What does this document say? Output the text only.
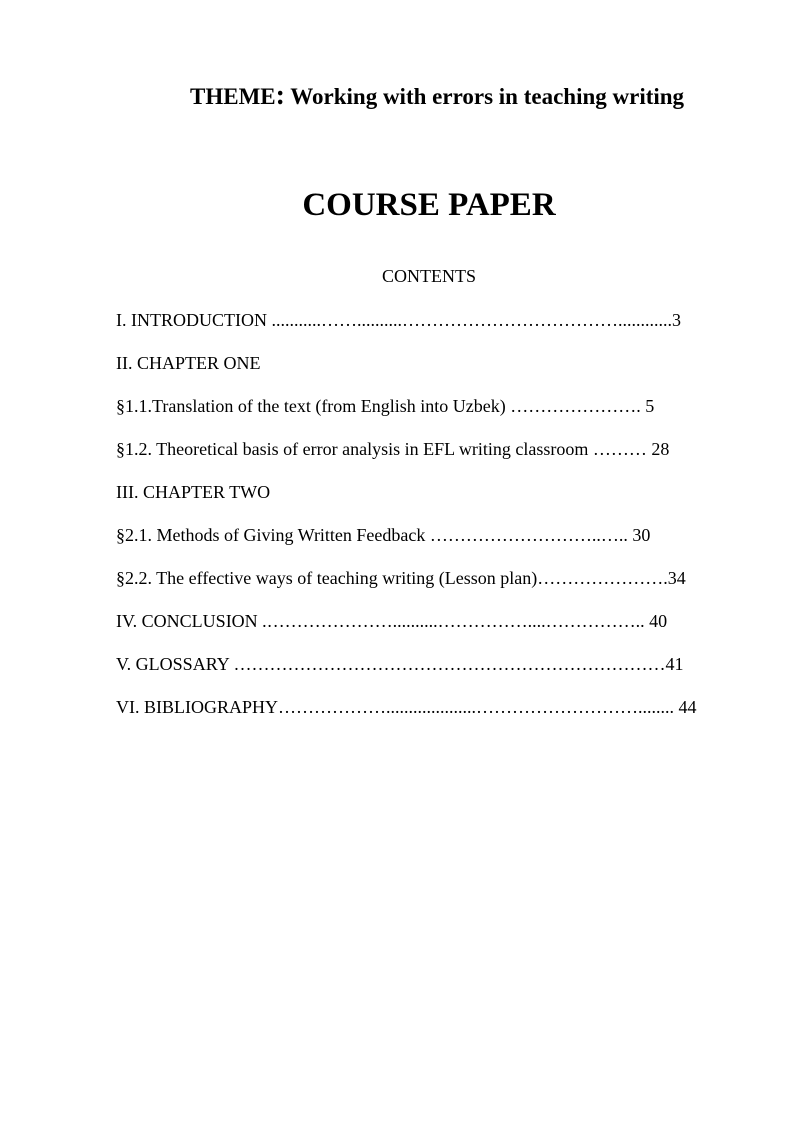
THEME: Working with errors in teaching writing
COURSE PAPER
CONTENTS
I. INTRODUCTION ...........……..........………………………………............3
II. CHAPTER ONE
§1.1.Translation of the text (from English into Uzbek) …………………. 5
§1.2. Theoretical basis of error analysis in EFL writing classroom ……… 28
III. CHAPTER TWO
§2.1. Methods of Giving Written Feedback ………………………..….. 30
§2.2. The effective ways of teaching writing (Lesson plan)………………….34
IV. CONCLUSION .…………………..........……………....…………….. 40
V. GLOSSARY ………………………………………………………………41
VI. BIBLIOGRAPHY………………....................………………………........ 44
